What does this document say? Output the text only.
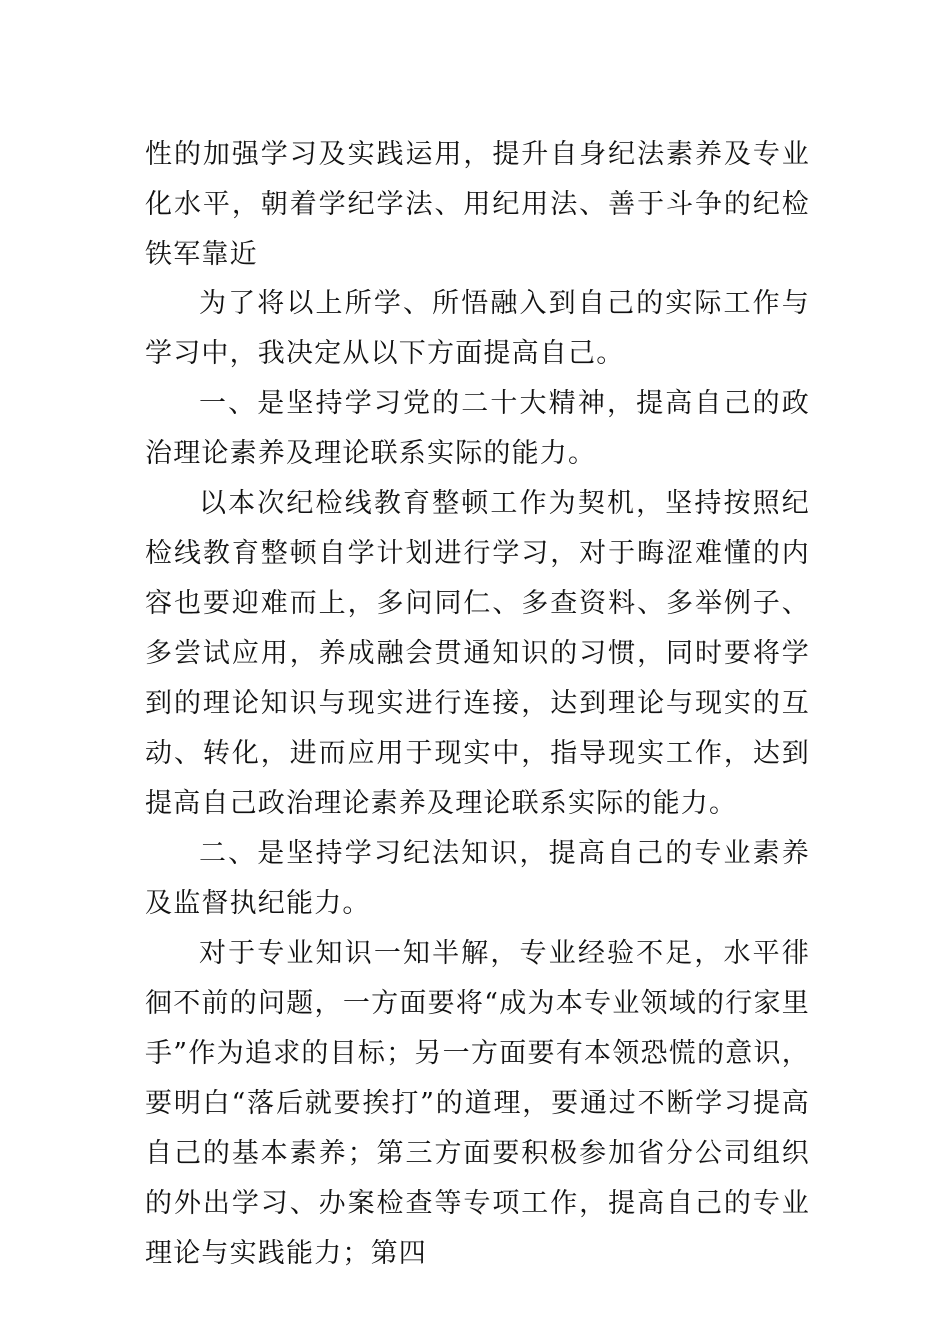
性的加强学习及实践运用，提升自身纪法素养及专业化水平，朝着学纪学法、用纪用法、善于斗争的纪检铁军靠近

为了将以上所学、所悟融入到自己的实际工作与学习中，我决定从以下方面提高自己。

一、是坚持学习党的二十大精神，提高自己的政治理论素养及理论联系实际的能力。

以本次纪检线教育整顿工作为契机，坚持按照纪检线教育整顿自学计划进行学习，对于晦涩难懂的内容也要迎难而上，多问同仁、多查资料、多举例子、多尝试应用，养成融会贯通知识的习惯，同时要将学到的理论知识与现实进行连接，达到理论与现实的互动、转化，进而应用于现实中，指导现实工作，达到提高自己政治理论素养及理论联系实际的能力。

二、是坚持学习纪法知识，提高自己的专业素养及监督执纪能力。

对于专业知识一知半解，专业经验不足，水平徘徊不前的问题，一方面要将“成为本专业领域的行家里手”作为追求的目标；另一方面要有本领恐慌的意识，要明白“落后就要挨打”的道理，要通过不断学习提高自己的基本素养；第三方面要积极参加省分公司组织的外出学习、办案检查等专项工作，提高自己的专业理论与实践能力；第四
